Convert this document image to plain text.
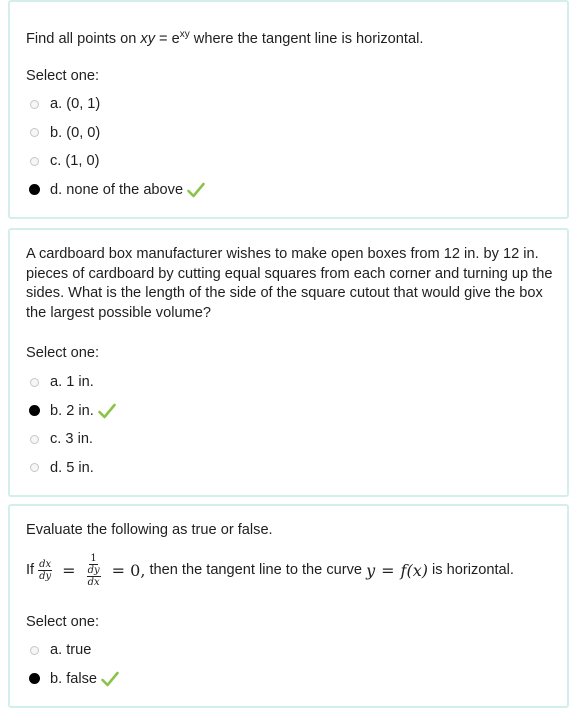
Find all points on xy = $e^{xy}$ where the tangent line is horizontal.
Select one:
a. (0, 1)
b. (0, 0)
c. (1, 0)
d. none of the above
A cardboard box manufacturer wishes to make open boxes from 12 in. by 12 in. pieces of cardboard by cutting equal squares from each corner and turning up the sides. What is the length of the side of the square cutout that would give the box the largest possible volume?
Select one:
a. 1 in.
b. 2 in.
c. 3 in.
d. 5 in.
Evaluate the following as true or false.
If $\frac{dx}{dy} = 1$
dy
dx = 0, then the tangent line to the curve y = f(x) is horizontal.
Select one:
a. true
b. false
